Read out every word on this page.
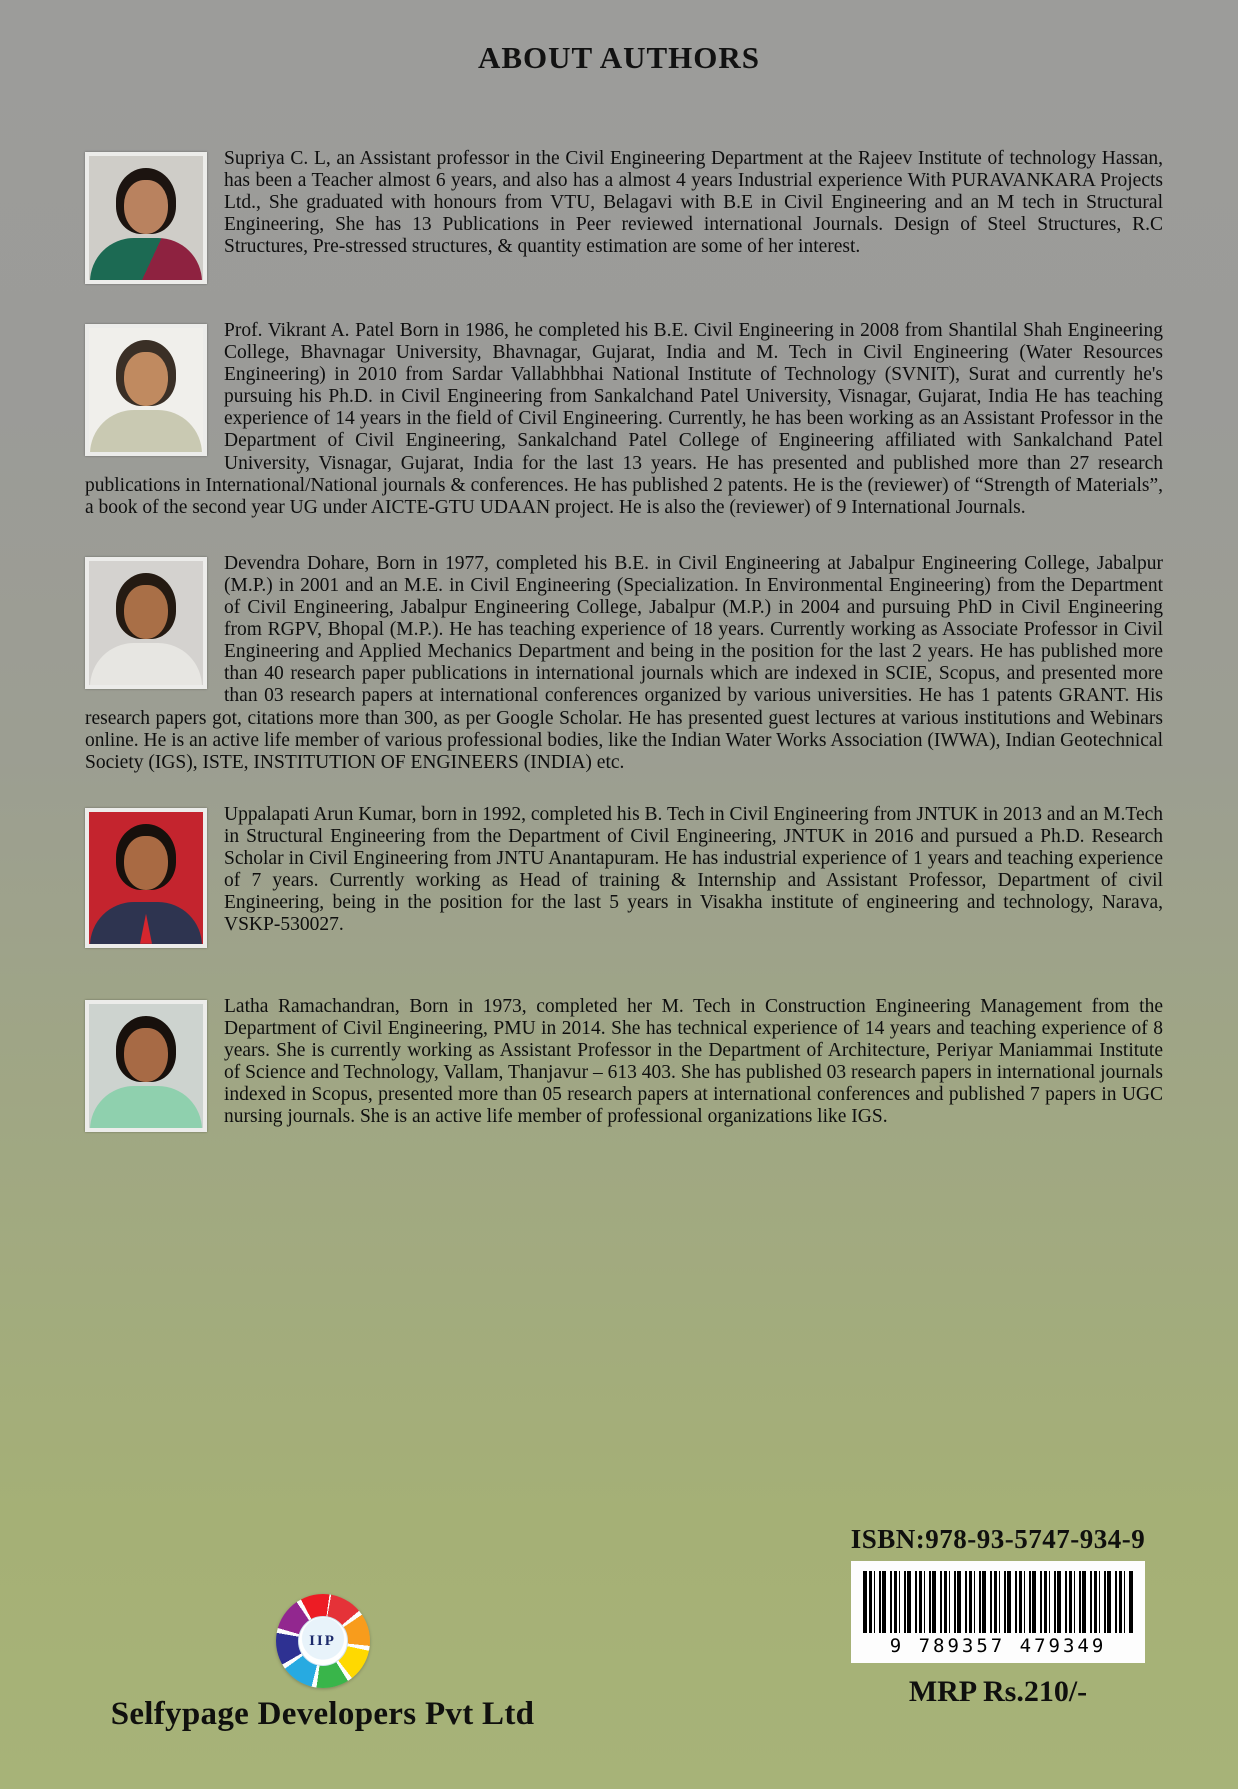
ABOUT AUTHORS

Supriya C. L, an Assistant professor in the Civil Engineering Department at the Rajeev Institute of technology Hassan, has been a Teacher almost 6 years, and also has a almost 4 years Industrial experience With PURAVANKARA Projects Ltd., She graduated with honours from VTU, Belagavi with B.E in Civil Engineering and an M tech in Structural Engineering, She has 13 Publications in Peer reviewed international Journals. Design of Steel Structures, R.C Structures, Pre-stressed structures, & quantity estimation are some of her interest.

Prof. Vikrant A. Patel Born in 1986, he completed his B.E. Civil Engineering in 2008 from Shantilal Shah Engineering College, Bhavnagar University, Bhavnagar, Gujarat, India and M. Tech in Civil Engineering (Water Resources Engineering) in 2010 from Sardar Vallabhbhai National Institute of Technology (SVNIT), Surat and currently he's pursuing his Ph.D. in Civil Engineering from Sankalchand Patel University, Visnagar, Gujarat, India He has teaching experience of 14 years in the field of Civil Engineering. Currently, he has been working as an Assistant Professor in the Department of Civil Engineering, Sankalchand Patel College of Engineering affiliated with Sankalchand Patel University, Visnagar, Gujarat, India for the last 13 years. He has presented and published more than 27 research publications in International/National journals & conferences. He has published 2 patents. He is the (reviewer) of “Strength of Materials”, a book of the second year UG under AICTE-GTU UDAAN project. He is also the (reviewer) of 9 International Journals.

Devendra Dohare, Born in 1977, completed his B.E. in Civil Engineering at Jabalpur Engineering College, Jabalpur (M.P.) in 2001 and an M.E. in Civil Engineering (Specialization. In Environmental Engineering) from the Department of Civil Engineering, Jabalpur Engineering College, Jabalpur (M.P.) in 2004 and pursuing PhD in Civil Engineering from RGPV, Bhopal (M.P.). He has teaching experience of 18 years. Currently working as Associate Professor in Civil Engineering and Applied Mechanics Department and being in the position for the last 2 years. He has published more than 40 research paper publications in international journals which are indexed in SCIE, Scopus, and presented more than 03 research papers at international conferences organized by various universities. He has 1 patents GRANT. His research papers got, citations more than 300, as per Google Scholar. He has presented guest lectures at various institutions and Webinars online. He is an active life member of various professional bodies, like the Indian Water Works Association (IWWA), Indian Geotechnical Society (IGS), ISTE, INSTITUTION OF ENGINEERS (INDIA) etc.

Uppalapati Arun Kumar, born in 1992, completed his B. Tech in Civil Engineering from JNTUK in 2013 and an M.Tech in Structural Engineering from the Department of Civil Engineering, JNTUK in 2016 and pursued a Ph.D. Research Scholar in Civil Engineering from JNTU Anantapuram. He has industrial experience of 1 years and teaching experience of 7 years. Currently working as Head of training & Internship and Assistant Professor, Department of civil Engineering, being in the position for the last 5 years in Visakha institute of engineering and technology, Narava, VSKP-530027.

Latha Ramachandran, Born in 1973, completed her M. Tech in Construction Engineering Management from the Department of Civil Engineering, PMU in 2014. She has technical experience of 14 years and teaching experience of 8 years. She is currently working as Assistant Professor in the Department of Architecture, Periyar Maniammai Institute of Science and Technology, Vallam, Thanjavur – 613 403. She has published 03 research papers in international journals indexed in Scopus, presented more than 05 research papers at international conferences and published 7 papers in UGC nursing journals. She is an active life member of professional organizations like IGS.

ISBN:978-93-5747-934-9
9 789357 479349
MRP Rs.210/-
IIP
Selfypage Developers Pvt Ltd
